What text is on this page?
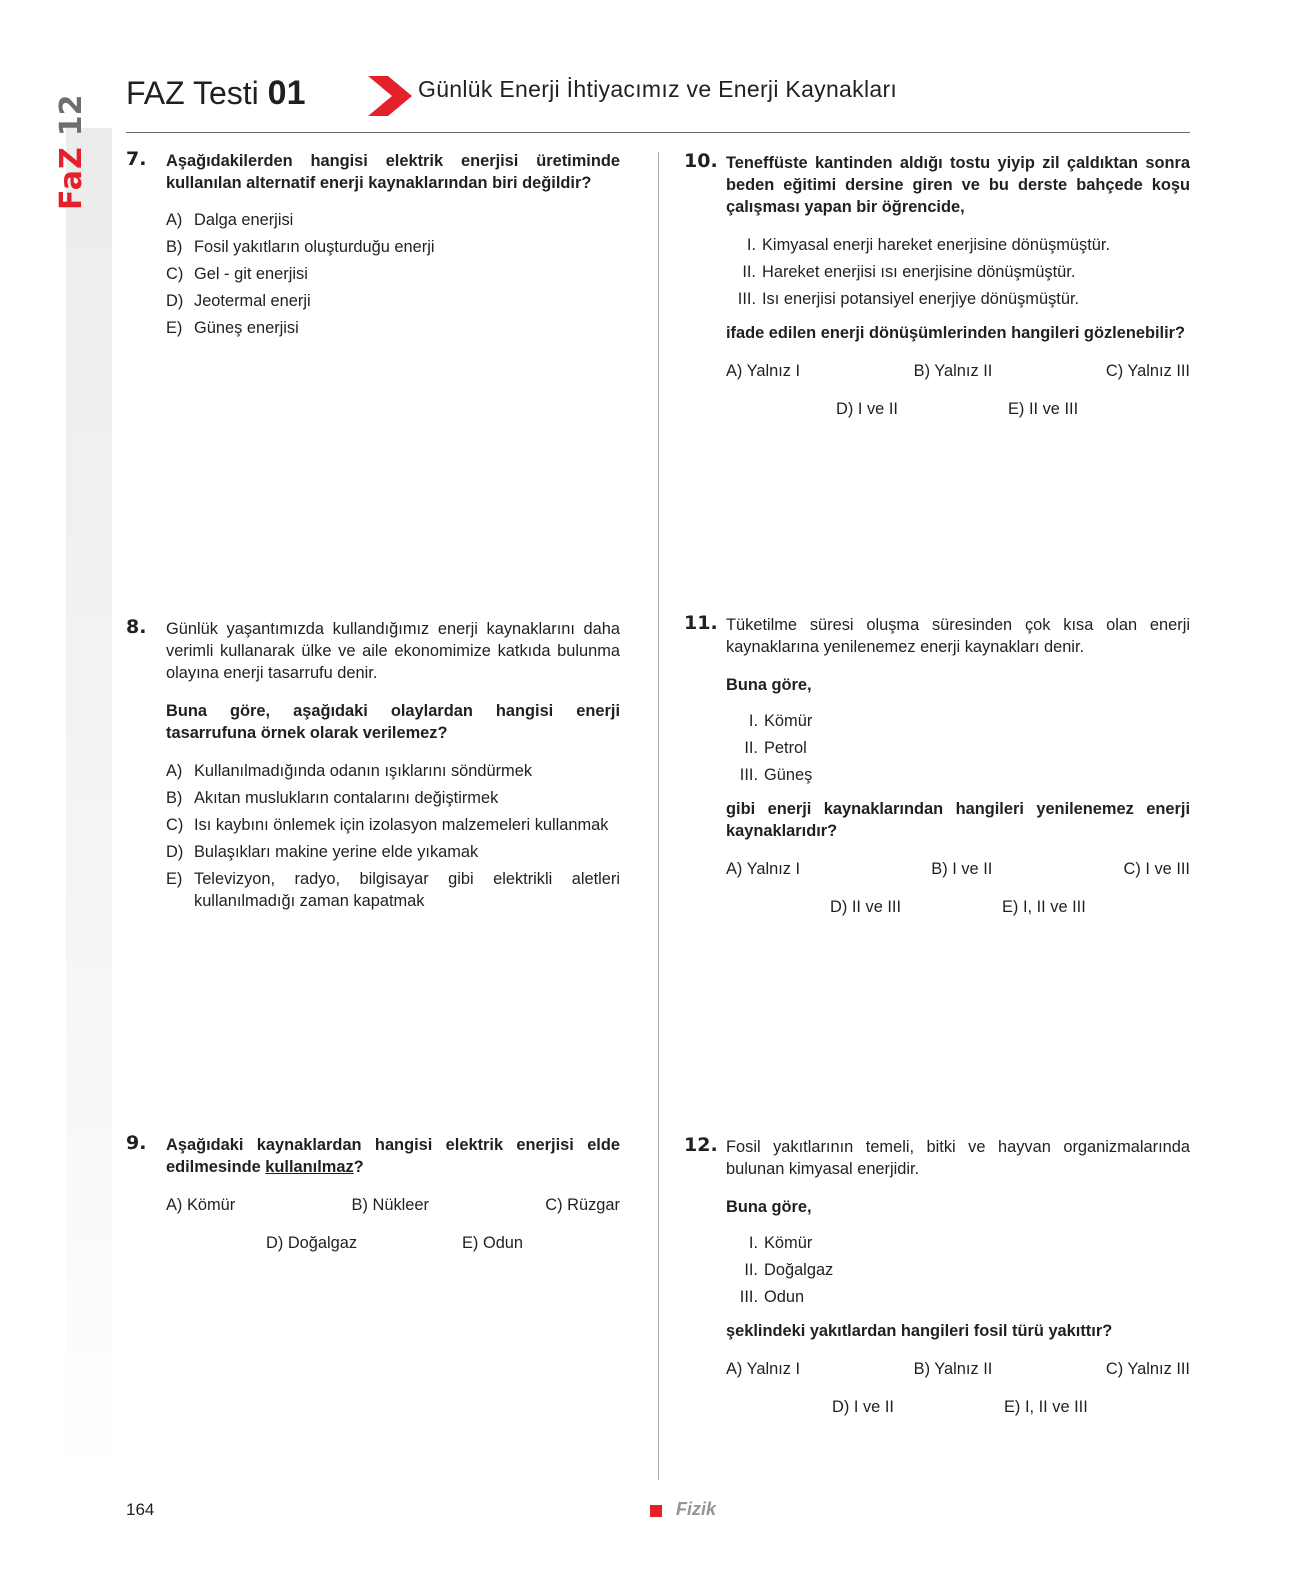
FaZ
12
FAZ Testi 01	Günlük Enerji İhtiyacımız ve Enerji Kaynakları
7. Aşağıdakilerden hangisi elektrik enerjisi üretiminde kullanılan alternatif enerji kaynaklarından biri değildir?
A) Dalga enerjisi
B) Fosil yakıtların oluşturduğu enerji
C) Gel - git enerjisi
D) Jeotermal enerji
E) Güneş enerjisi
8. Günlük yaşantımızda kullandığımız enerji kaynaklarını daha verimli kullanarak ülke ve aile ekonomimize katkıda bulunma olayına enerji tasarrufu denir.
Buna göre, aşağıdaki olaylardan hangisi enerji tasarrufuna örnek olarak verilemez?
A) Kullanılmadığında odanın ışıklarını söndürmek
B) Akıtan muslukların contalarını değiştirmek
C) Isı kaybını önlemek için izolasyon malzemeleri kullanmak
D) Bulaşıkları makine yerine elde yıkamak
E) Televizyon, radyo, bilgisayar gibi elektrikli aletleri kullanılmadığı zaman kapatmak
9. Aşağıdaki kaynaklardan hangisi elektrik enerjisi elde edilmesinde kullanılmaz?
A) Kömür	B) Nükleer	C) Rüzgar
D) Doğalgaz	E) Odun
10. Teneffüste kantinden aldığı tostu yiyip zil çaldıktan sonra beden eğitimi dersine giren ve bu derste bahçede koşu çalışması yapan bir öğrencide,
I. Kimyasal enerji hareket enerjisine dönüşmüştür.
II. Hareket enerjisi ısı enerjisine dönüşmüştür.
III. Isı enerjisi potansiyel enerjiye dönüşmüştür.
ifade edilen enerji dönüşümlerinden hangileri gözlenebilir?
A) Yalnız I	B) Yalnız II	C) Yalnız III
D) I ve II	E) II ve III
11. Tüketilme süresi oluşma süresinden çok kısa olan enerji kaynaklarına yenilenemez enerji kaynakları denir.
Buna göre,
I. Kömür
II. Petrol
III. Güneş
gibi enerji kaynaklarından hangileri yenilenemez enerji kaynaklarıdır?
A) Yalnız I	B) I ve II	C) I ve III
D) II ve III	E) I, II ve III
12. Fosil yakıtlarının temeli, bitki ve hayvan organizmalarında bulunan kimyasal enerjidir.
Buna göre,
I. Kömür
II. Doğalgaz
III. Odun
şeklindeki yakıtlardan hangileri fosil türü yakıttır?
A) Yalnız I	B) Yalnız II	C) Yalnız III
D) I ve II	E) I, II ve III
164	Fizik
